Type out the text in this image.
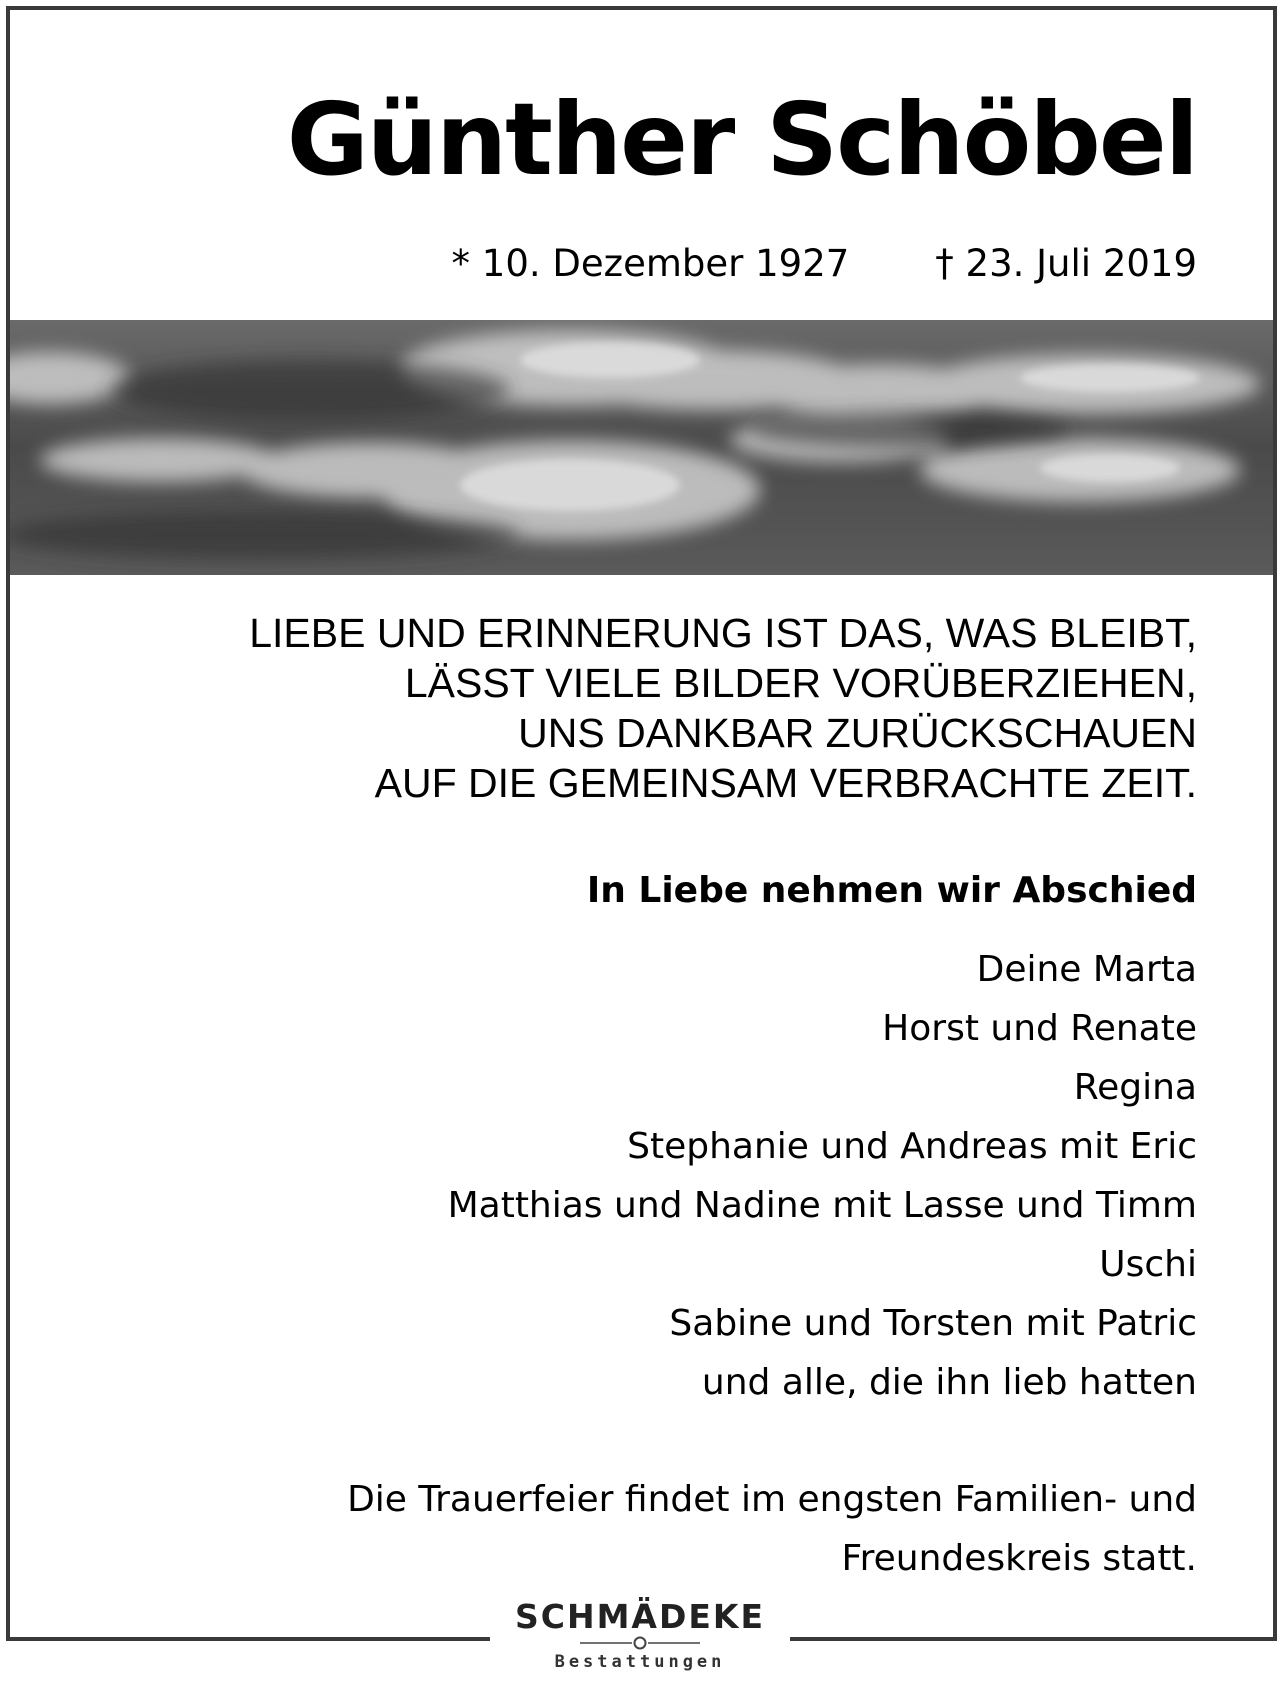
Günther Schöbel
* 10. Dezember 1927 † 23. Juli 2019
LIEBE UND ERINNERUNG IST DAS, WAS BLEIBT,
LÄSST VIELE BILDER VORÜBERZIEHEN,
UNS DANKBAR ZURÜCKSCHAUEN
AUF DIE GEMEINSAM VERBRACHTE ZEIT.
In Liebe nehmen wir Abschied
Deine Marta
Horst und Renate
Regina
Stephanie und Andreas mit Eric
Matthias und Nadine mit Lasse und Timm
Uschi
Sabine und Torsten mit Patric
und alle, die ihn lieb hatten
Die Trauerfeier findet im engsten Familien- und
Freundeskreis statt.
SCHMÄDEKE
Bestattungen
